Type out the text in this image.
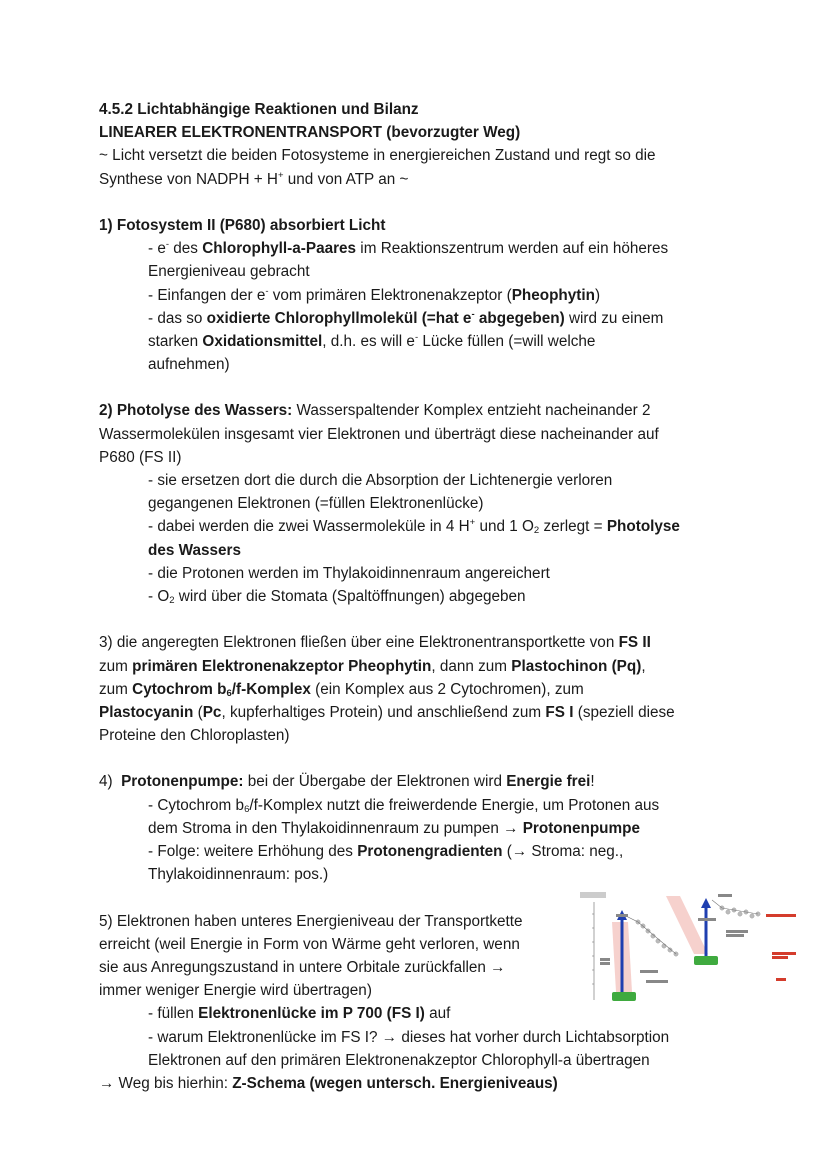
4.5.2 Lichtabhängige Reaktionen und Bilanz
LINEARER ELEKTRONENTRANSPORT (bevorzugter Weg)
~ Licht versetzt die beiden Fotosysteme in energiereichen Zustand und regt so die
Synthese von NADPH + H+ und von ATP an ~
1) Fotosystem II (P680) absorbiert Licht
- e- des Chlorophyll-a-Paares im Reaktionszentrum werden auf ein höheres
Energieniveau gebracht
- Einfangen der e- vom primären Elektronenakzeptor (Pheophytin)
- das so oxidierte Chlorophyllmolekül (=hat e- abgegeben) wird zu einem
starken Oxidationsmittel, d.h. es will e- Lücke füllen (=will welche
aufnehmen)
2) Photolyse des Wassers: Wasserspaltender Komplex entzieht nacheinander 2
Wassermolekülen insgesamt vier Elektronen und überträgt diese nacheinander auf
P680 (FS II)
- sie ersetzen dort die durch die Absorption der Lichtenergie verloren
gegangenen Elektronen (=füllen Elektronenlücke)
- dabei werden die zwei Wassermoleküle in 4 H+ und 1 $O_2$ zerlegt = Photolyse
des Wassers
- die Protonen werden im Thylakoidinnenraum angereichert
- $O_2$ wird über die Stomata (Spaltöffnungen) abgegeben
3) die angeregten Elektronen fließen über eine Elektronentransportkette von FS II
zum primären Elektronenakzeptor Pheophytin, dann zum Plastochinon (Pq),
zum Cytochrom $b_6/f$-Komplex (ein Komplex aus 2 Cytochromen), zum
Plastocyanin (Pc, kupferhaltiges Protein) und anschließend zum FS I (speziell diese
Proteine den Chloroplasten)
4)  Protonenpumpe: bei der Übergabe der Elektronen wird Energie frei!
- Cytochrom $b_6/f$-Komplex nutzt die freiwerdende Energie, um Protonen aus
dem Stroma in den Thylakoidinnenraum zu pumpen → Protonenpumpe
- Folge: weitere Erhöhung des Protonengradienten (→ Stroma: neg.,
Thylakoidinnenraum: pos.)
5) Elektronen haben unteres Energieniveau der Transportkette
erreicht (weil Energie in Form von Wärme geht verloren, wenn
sie aus Anregungszustand in untere Orbitale zurückfallen →
immer weniger Energie wird übertragen)
- füllen Elektronenlücke im P 700 (FS I) auf
- warum Elektronenlücke im FS I? → dieses hat vorher durch Lichtabsorption
Elektronen auf den primären Elektronenakzeptor Chlorophyll-a übertragen
→ Weg bis hierhin: Z-Schema (wegen untersch. Energieniveaus)
